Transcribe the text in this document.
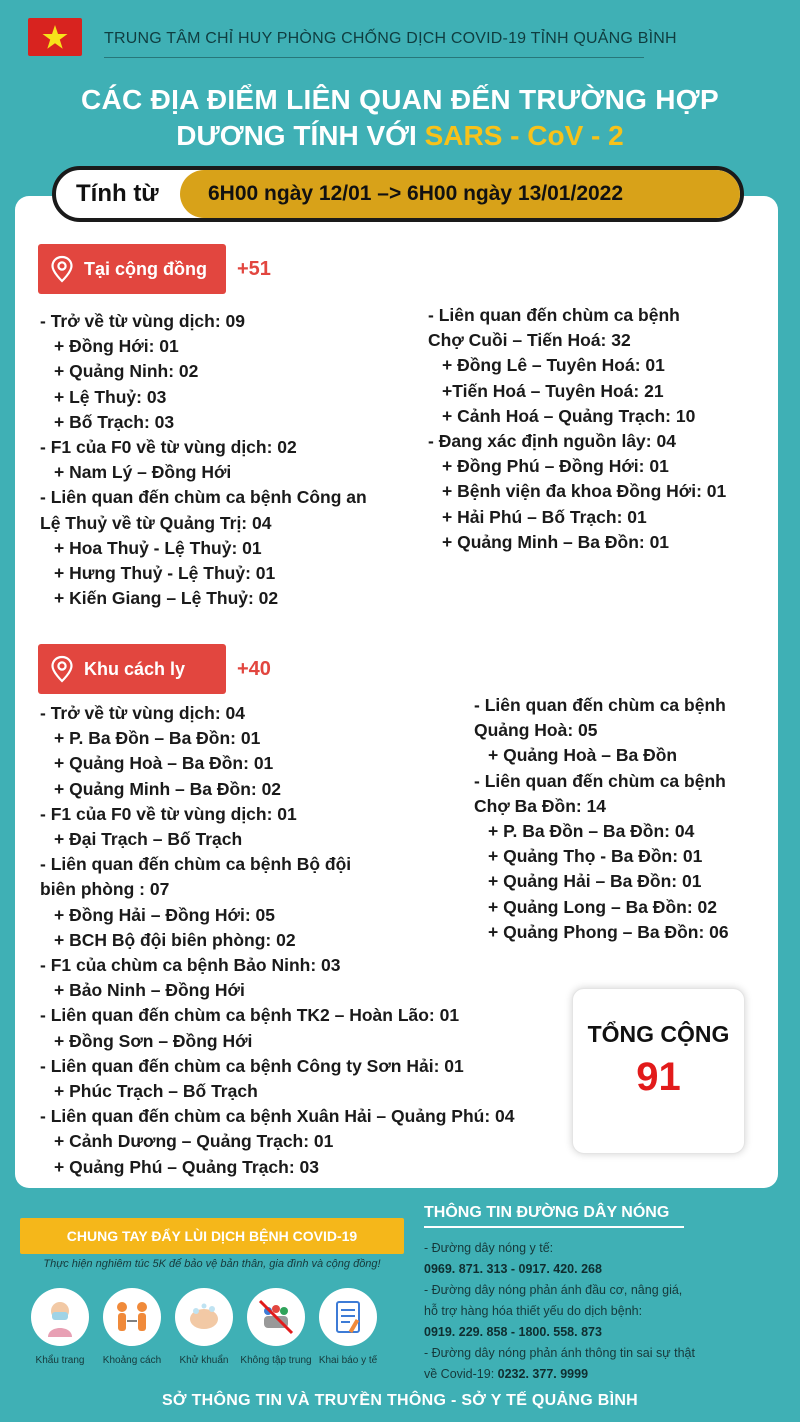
TRUNG TÂM CHỈ HUY PHÒNG CHỐNG DỊCH COVID-19 TỈNH QUẢNG BÌNH
CÁC ĐỊA ĐIỂM LIÊN QUAN ĐẾN TRƯỜNG HỢP
DƯƠNG TÍNH VỚI SARS - CoV - 2
Tính từ 6H00 ngày 12/01 –> 6H00 ngày 13/01/2022
Tại cộng đồng +51
- Trở về từ vùng dịch: 09
+ Đồng Hới: 01
+ Quảng Ninh: 02
+ Lệ Thuỷ: 03
+ Bố Trạch: 03
- F1 của F0 về từ vùng dịch: 02
+ Nam Lý – Đồng Hới
- Liên quan đến chùm ca bệnh Công an
Lệ Thuỷ về từ Quảng Trị: 04
+ Hoa Thuỷ - Lệ Thuỷ: 01
+ Hưng Thuỷ - Lệ Thuỷ: 01
+ Kiến Giang – Lệ Thuỷ: 02
- Liên quan đến chùm ca bệnh
Chợ Cuồi – Tiến Hoá: 32
+ Đồng Lê – Tuyên Hoá: 01
+Tiến Hoá – Tuyên Hoá: 21
+ Cảnh Hoá – Quảng Trạch: 10
- Đang xác định nguồn lây: 04
+ Đồng Phú – Đồng Hới: 01
+ Bệnh viện đa khoa Đồng Hới: 01
+ Hải Phú – Bố Trạch: 01
+ Quảng Minh – Ba Đồn: 01
Khu cách ly	+40
- Trở về từ vùng dịch: 04
+ P. Ba Đồn – Ba Đồn: 01
+ Quảng Hoà – Ba Đồn: 01
+ Quảng Minh – Ba Đồn: 02
- F1 của F0 về từ vùng dịch: 01
+ Đại Trạch – Bố Trạch
- Liên quan đến chùm ca bệnh Bộ đội
biên phòng : 07
+ Đồng Hải – Đồng Hới: 05
+ BCH Bộ đội biên phòng: 02
- F1 của chùm ca bệnh Bảo Ninh: 03
+ Bảo Ninh – Đồng Hới
- Liên quan đến chùm ca bệnh TK2 – Hoàn Lão: 01
+ Đồng Sơn – Đồng Hới
- Liên quan đến chùm ca bệnh Công ty Sơn Hải: 01
+ Phúc Trạch – Bố Trạch
- Liên quan đến chùm ca bệnh Xuân Hải – Quảng Phú: 04
+ Cảnh Dương – Quảng Trạch: 01
+ Quảng Phú – Quảng Trạch: 03
- Liên quan đến chùm ca bệnh
Quảng Hoà: 05
+ Quảng Hoà – Ba Đồn
- Liên quan đến chùm ca bệnh
Chợ Ba Đồn: 14
+ P. Ba Đồn – Ba Đồn: 04
+ Quảng Thọ - Ba Đồn: 01
+ Quảng Hải – Ba Đồn: 01
+ Quảng Long – Ba Đồn: 02
+ Quảng Phong – Ba Đồn: 06
TỔNG CỘNG
91
CHUNG TAY ĐẨY LÙI DỊCH BỆNH COVID-19
Thực hiện nghiêm túc 5K để bảo vệ bản thân, gia đình và cộng đồng!
Khẩu trang	Khoảng cách	Khử khuẩn	Không tập trung Khai báo y tế
THÔNG TIN ĐƯỜNG DÂY NÓNG
- Đường dây nóng y tế:
0969. 871. 313 - 0917. 420. 268
- Đường dây nóng phản ánh đầu cơ, nâng giá,
hỗ trợ hàng hóa thiết yếu do dịch bệnh:
0919. 229. 858 - 1800. 558. 873
- Đường dây nóng phản ánh thông tin sai sự thật
về Covid-19: 0232. 377. 9999
SỞ THÔNG TIN VÀ TRUYỀN THÔNG - SỞ Y TẾ QUẢNG BÌNH
